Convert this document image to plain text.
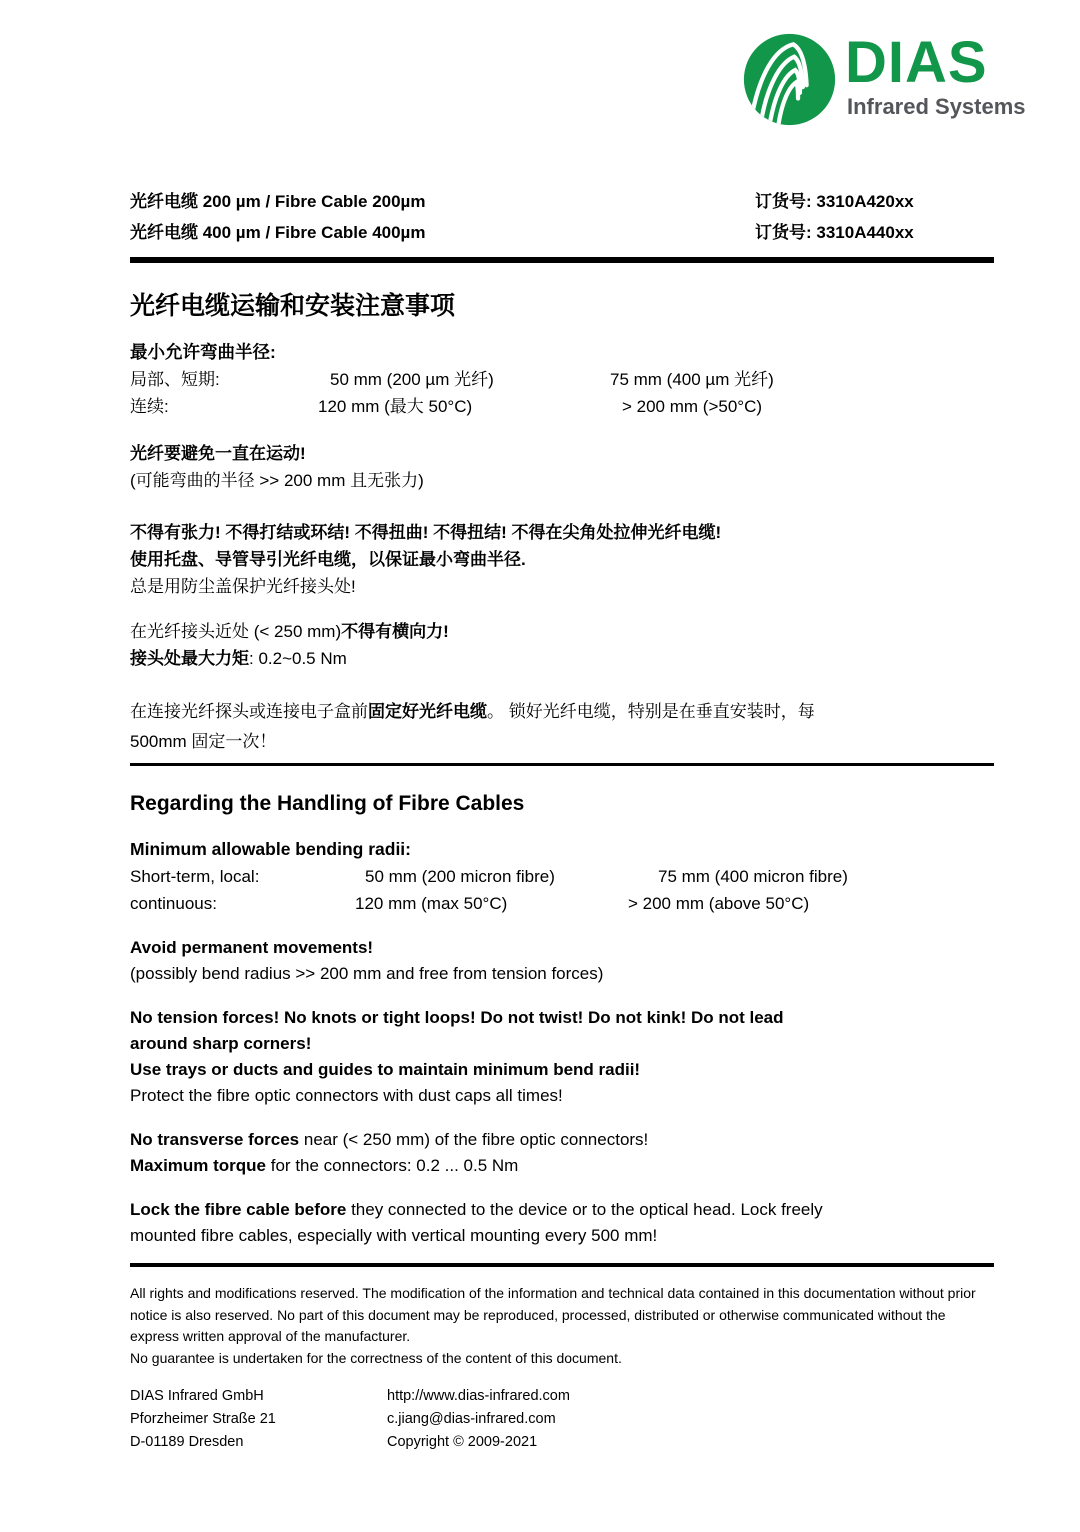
DIAS
Infrared Systems
光纤电缆 200 µm / Fibre Cable 200µm	订货号: 3310A420xx
光纤电缆 400 µm / Fibre Cable 400µm	订货号: 3310A440xx
光纤电缆运输和安装注意事项
最小允许弯曲半径:
局部、短期:	50 mm (200 µm 光纤)	75 mm (400 µm 光纤)
连续:	120 mm (最大 50°C)	> 200 mm (>50°C)
光纤要避免一直在运动!
(可能弯曲的半径 >> 200 mm 且无张力)
不得有张力! 不得打结或环结! 不得扭曲! 不得扭结! 不得在尖角处拉伸光纤电缆!
使用托盘、导管导引光纤电缆，以保证最小弯曲半径.
总是用防尘盖保护光纤接头处!
在光纤接头近处 (< 250 mm)不得有横向力!
接头处最大力矩: 0.2~0.5 Nm
在连接光纤探头或连接电子盒前固定好光纤电缆。 锁好光纤电缆，特别是在垂直安装时，每500mm 固定一次！
Regarding the Handling of Fibre Cables
Minimum allowable bending radii:
Short-term, local:	50 mm (200 micron fibre)	75 mm (400 micron fibre)
continuous:	120 mm (max 50°C)	> 200 mm (above 50°C)
Avoid permanent movements!
(possibly bend radius >> 200 mm and free from tension forces)
No tension forces! No knots or tight loops! Do not twist! Do not kink! Do not lead around sharp corners!
Use trays or ducts and guides to maintain minimum bend radii!
Protect the fibre optic connectors with dust caps all times!
No transverse forces near (< 250 mm) of the fibre optic connectors!
Maximum torque for the connectors: 0.2 ... 0.5 Nm
Lock the fibre cable before they connected to the device or to the optical head. Lock freely mounted fibre cables, especially with vertical mounting every 500 mm!
All rights and modifications reserved. The modification of the information and technical data contained in this documentation without prior notice is also reserved. No part of this document may be reproduced, processed, distributed or otherwise communicated without the express written approval of the manufacturer.
No guarantee is undertaken for the correctness of the content of this document.
DIAS Infrared GmbH	http://www.dias-infrared.com
Pforzheimer Straße 21	c.jiang@dias-infrared.com
D-01189 Dresden	Copyright © 2009-2021
